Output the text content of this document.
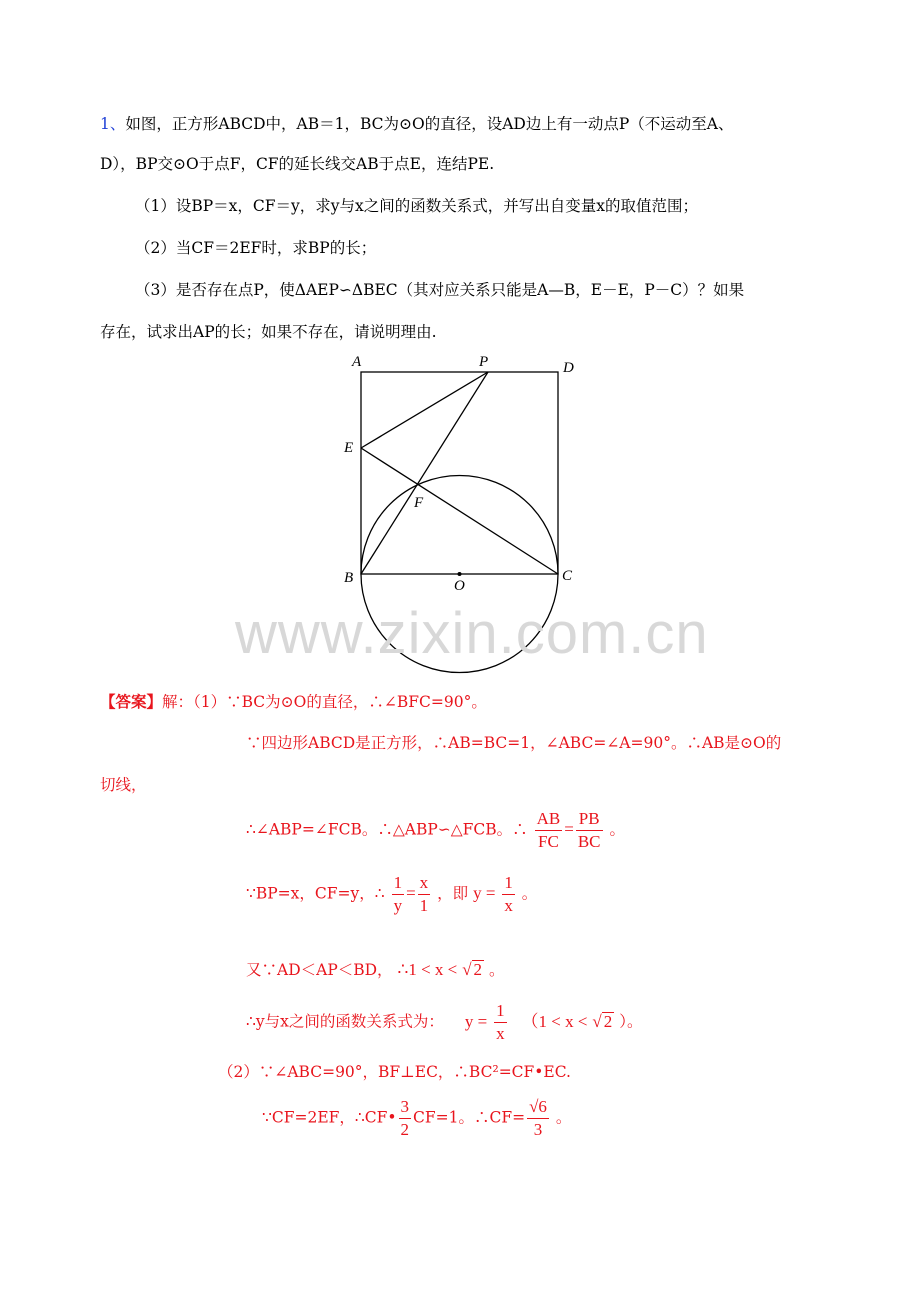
1、如图，正方形ABCD中，AB＝1，BC为⊙O的直径，设AD边上有一动点P（不运动至A、
D），BP交⊙O于点F，CF的延长线交AB于点E，连结PE.
（1）设BP＝x，CF＝y，求y与x之间的函数关系式，并写出自变量x的取值范围；
（2）当CF＝2EF时，求BP的长；
（3）是否存在点P，使ΔAEP∽ΔBEC（其对应关系只能是A—B，E－E，P－C）？如果
存在，试求出AP的长；如果不存在，请说明理由.
A	P	D
E
F
B	O
C
www.zixin.com.cn
【答案】解：（1）∵BC为⊙O的直径，∴∠BFC=90°。
∵四边形ABCD是正方形，∴AB=BC=1，∠ABC=∠A=90°。∴AB是⊙O的
切线，
∴∠ABP=∠FCB。∴△ABP∽△FCB。∴ $\frac{AB}{FC} = \frac{PB}{BC}$ 。
∵BP=x，CF=y，∴ $\frac{1}{y} = \frac{x}{1}$ ，即 $y = \frac{1}{x}$ 。
又∵AD＜AP＜BD， ∴1 < x < √ 2 。
∴y与x之间的函数关系式为： $y = \frac{1}{x} (1 < x$ < √ 2 ）。
（2）∵∠ABC=90°，BF⊥EC，∴BC²=CF•EC.
∵CF=2EF，∴CF• $\frac{3}{2} CF=1$。∴CF= $\frac{√6}{3}$ 。
